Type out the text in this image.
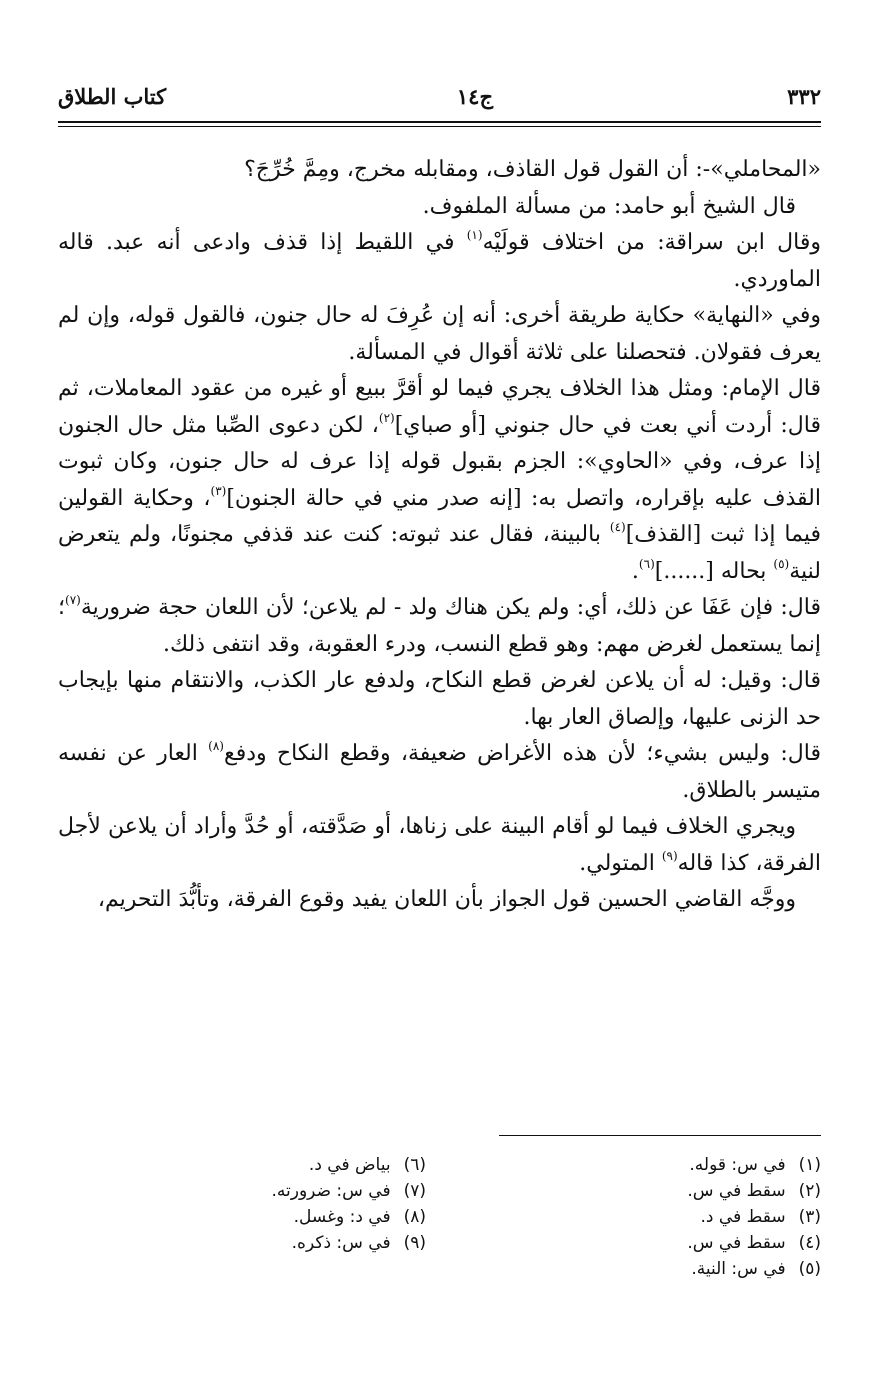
٣٣٢
ج١٤
كتاب الطلاق

«المحاملي»-: أن القول قول القاذف، ومقابله مخرج، ومِمَّ خُرِّجَ؟

قال الشيخ أبو حامد: من مسألة الملفوف.

وقال ابن سراقة: من اختلاف قولَيْه$^{(١)}$ في اللقيط إذا قذف وادعى أنه عبد. قاله الماوردي.

وفي «النهاية» حكاية طريقة أخرى: أنه إن عُرِفَ له حال جنون، فالقول قوله، وإن لم يعرف فقولان. فتحصلنا على ثلاثة أقوال في المسألة.

قال الإمام: ومثل هذا الخلاف يجري فيما لو أقرَّ ببيع أو غيره من عقود المعاملات، ثم قال: أردت أني بعت في حال جنوني [أو صباي]$^{(٢)}$، لكن دعوى الصِّبا مثل حال الجنون إذا عرف، وفي «الحاوي»: الجزم بقبول قوله إذا عرف له حال جنون، وكان ثبوت القذف عليه بإقراره، واتصل به: [إنه صدر مني في حالة الجنون]$^{(٣)}$، وحكاية القولين فيما إذا ثبت [القذف]$^{(٤)}$ بالبينة، فقال عند ثبوته: كنت عند قذفي مجنونًا، ولم يتعرض لنية$^{(٥)}$ بحاله [......]$^{(٦)}$.

قال: فإن عَفَا عن ذلك، أي: ولم يكن هناك ولد - لم يلاعن؛ لأن اللعان حجة ضرورية$^{(٧)}$؛ إنما يستعمل لغرض مهم: وهو قطع النسب، ودرء العقوبة، وقد انتفى ذلك.

قال: وقيل: له أن يلاعن لغرض قطع النكاح، ولدفع عار الكذب، والانتقام منها بإيجاب حد الزنى عليها، وإلصاق العار بها.

قال: وليس بشيء؛ لأن هذه الأغراض ضعيفة، وقطع النكاح ودفع$^{(٨)}$ العار عن نفسه متيسر بالطلاق.

ويجري الخلاف فيما لو أقام البينة على زناها، أو صَدَّقته، أو حُدَّ وأراد أن يلاعن لأجل الفرقة، كذا قاله$^{(٩)}$ المتولي.

ووجَّه القاضي الحسين قول الجواز بأن اللعان يفيد وقوع الفرقة، وتأبُّدَ التحريم،

(١) في س: قوله.
(٢) سقط في س.
(٣) سقط في د.
(٤) سقط في س.
(٥) في س: النية.
(٦) بياض في د.
(٧) في س: ضرورته.
(٨) في د: وغسل.
(٩) في س: ذكره.
